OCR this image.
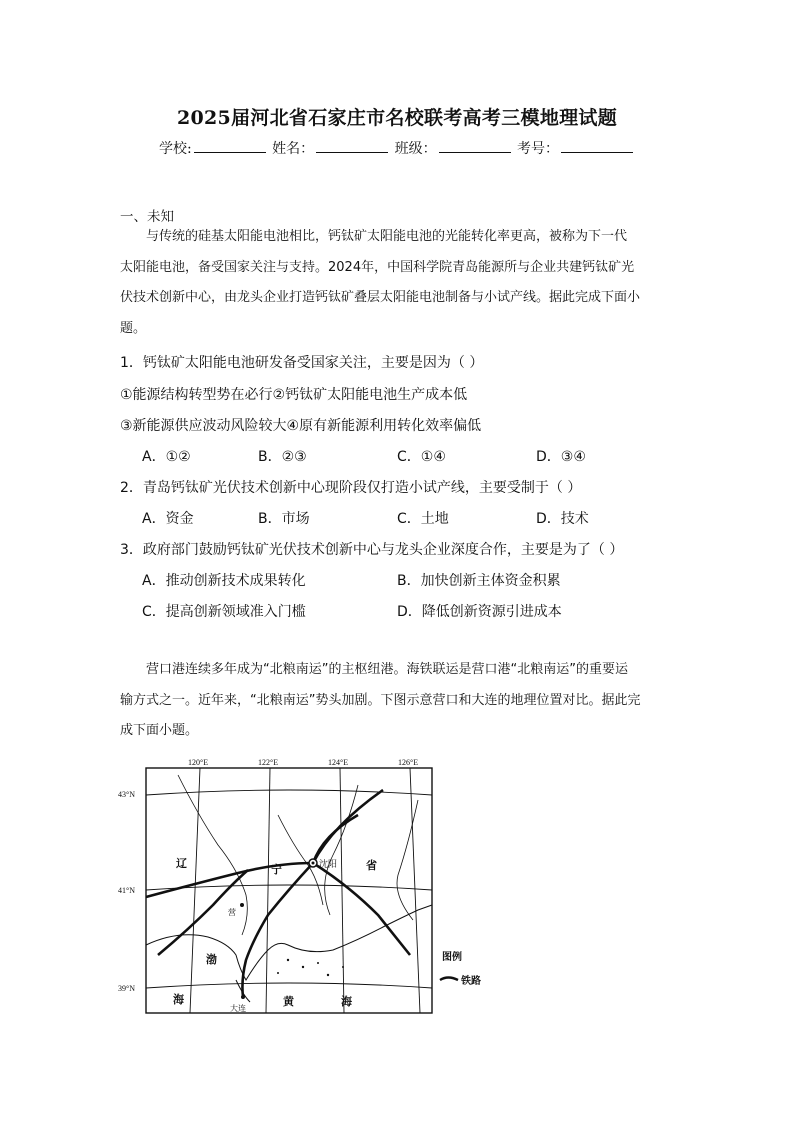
2025届河北省石家庄市名校联考高考三模地理试题
学校:	姓名：	班级：	考号：
一、未知
与传统的硅基太阳能电池相比，钙钛矿太阳能电池的光能转化率更高，被称为下一代
太阳能电池，备受国家关注与支持。2024年，中国科学院青岛能源所与企业共建钙钛矿光
伏技术创新中心，由龙头企业打造钙钛矿叠层太阳能电池制备与小试产线。据此完成下面小
题。
1．钙钛矿太阳能电池研发备受国家关注，主要是因为（ ）
①能源结构转型势在必行②钙钛矿太阳能电池生产成本低
③新能源供应波动风险较大④原有新能源利用转化效率偏低
A．①②	B．②③	C．①④	D．③④
2．青岛钙钛矿光伏技术创新中心现阶段仅打造小试产线，主要受制于（ ）
A．资金	B．市场	C．土地	D．技术
3．政府部门鼓励钙钛矿光伏技术创新中心与龙头企业深度合作，主要是为了（ ）
A．推动创新技术成果转化	B．加快创新主体资金积累
C．提高创新领域准入门槛	D．降低创新资源引进成本
营口港连续多年成为“北粮南运”的主枢纽港。海铁联运是营口港“北粮南运”的重要运
输方式之一。近年来，“北粮南运”势头加剧。下图示意营口和大连的地理位置对比。据此完
成下面小题。
120°E	122°E	124°E	126°E
43°N
41°N
39°N
辽	宁	省
沈阳
营
渤
海	黄	海
大连
图例
铁路
